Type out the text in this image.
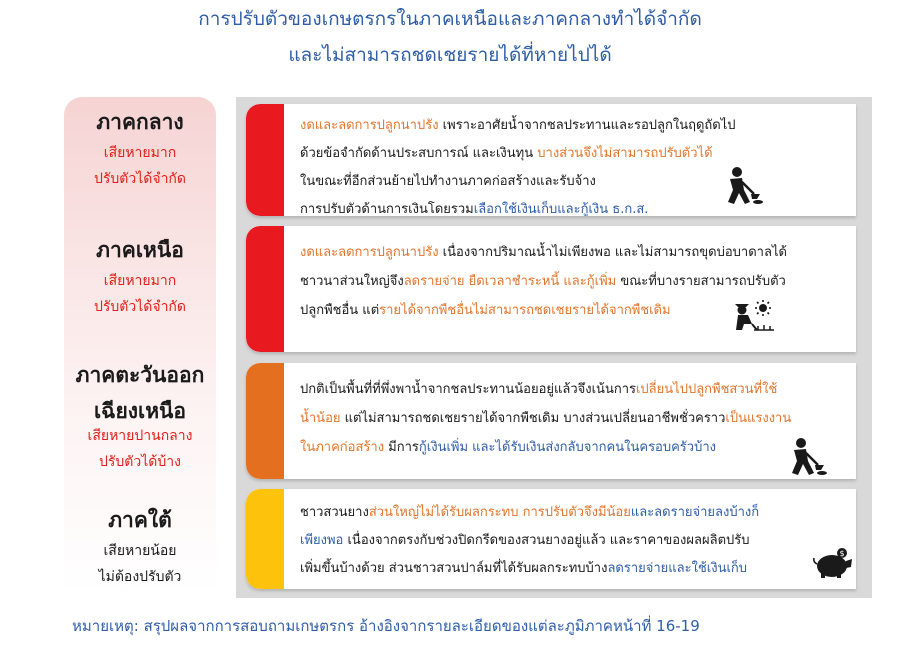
การปรับตัวของเกษตรกรในภาคเหนือและภาคกลางทำได้จำกัด
และไม่สามารถชดเชยรายได้ที่หายไปได้
ภาคกลาง
เสียหายมาก
ปรับตัวได้จำกัด
ภาคเหนือ
เสียหายมาก
ปรับตัวได้จำกัด
ภาคตะวันออก
เฉียงเหนือ
เสียหายปานกลาง
ปรับตัวได้บ้าง
ภาคใต้
เสียหายน้อย
ไม่ต้องปรับตัว
งดและลดการปลูกนาปรัง เพราะอาศัยน้ำจากชลประทานและรอปลูกในฤดูถัดไป
ด้วยข้อจำกัดด้านประสบการณ์ และเงินทุน บางส่วนจึงไม่สามารถปรับตัวได้
ในขณะที่อีกส่วนย้ายไปทำงานภาคก่อสร้างและรับจ้าง
การปรับตัวด้านการเงินโดยรวมเลือกใช้เงินเก็บและกู้เงิน ธ.ก.ส.
งดและลดการปลูกนาปรัง เนื่องจากปริมาณน้ำไม่เพียงพอ และไม่สามารถขุดบ่อบาดาลได้
ชาวนาส่วนใหญ่จึงลดรายจ่าย ยืดเวลาชำระหนี้ และกู้เพิ่ม ขณะที่บางรายสามารถปรับตัว
ปลูกพืชอื่น แต่รายได้จากพืชอื่นไม่สามารถชดเชยรายได้จากพืชเดิม
ปกติเป็นพื้นที่ที่พึ่งพาน้ำจากชลประทานน้อยอยู่แล้วจึงเน้นการเปลี่ยนไปปลูกพืชสวนที่ใช้
น้ำน้อย แต่ไม่สามารถชดเชยรายได้จากพืชเดิม บางส่วนเปลี่ยนอาชีพชั่วคราวเป็นแรงงาน
ในภาคก่อสร้าง มีการกู้เงินเพิ่ม และได้รับเงินส่งกลับจากคนในครอบครัวบ้าง
ชาวสวนยางส่วนใหญ่ไม่ได้รับผลกระทบ การปรับตัวจึงมีน้อยและลดรายจ่ายลงบ้างก็
เพียงพอ เนื่องจากตรงกับช่วงปิดกรีดของสวนยางอยู่แล้ว และราคาของผลผลิตปรับ
เพิ่มขึ้นบ้างด้วย ส่วนชาวสวนปาล์มที่ได้รับผลกระทบบ้างลดรายจ่ายและใช้เงินเก็บ
$
หมายเหตุ: สรุปผลจากการสอบถามเกษตรกร อ้างอิงจากรายละเอียดของแต่ละภูมิภาคหน้าที่ 16-19
